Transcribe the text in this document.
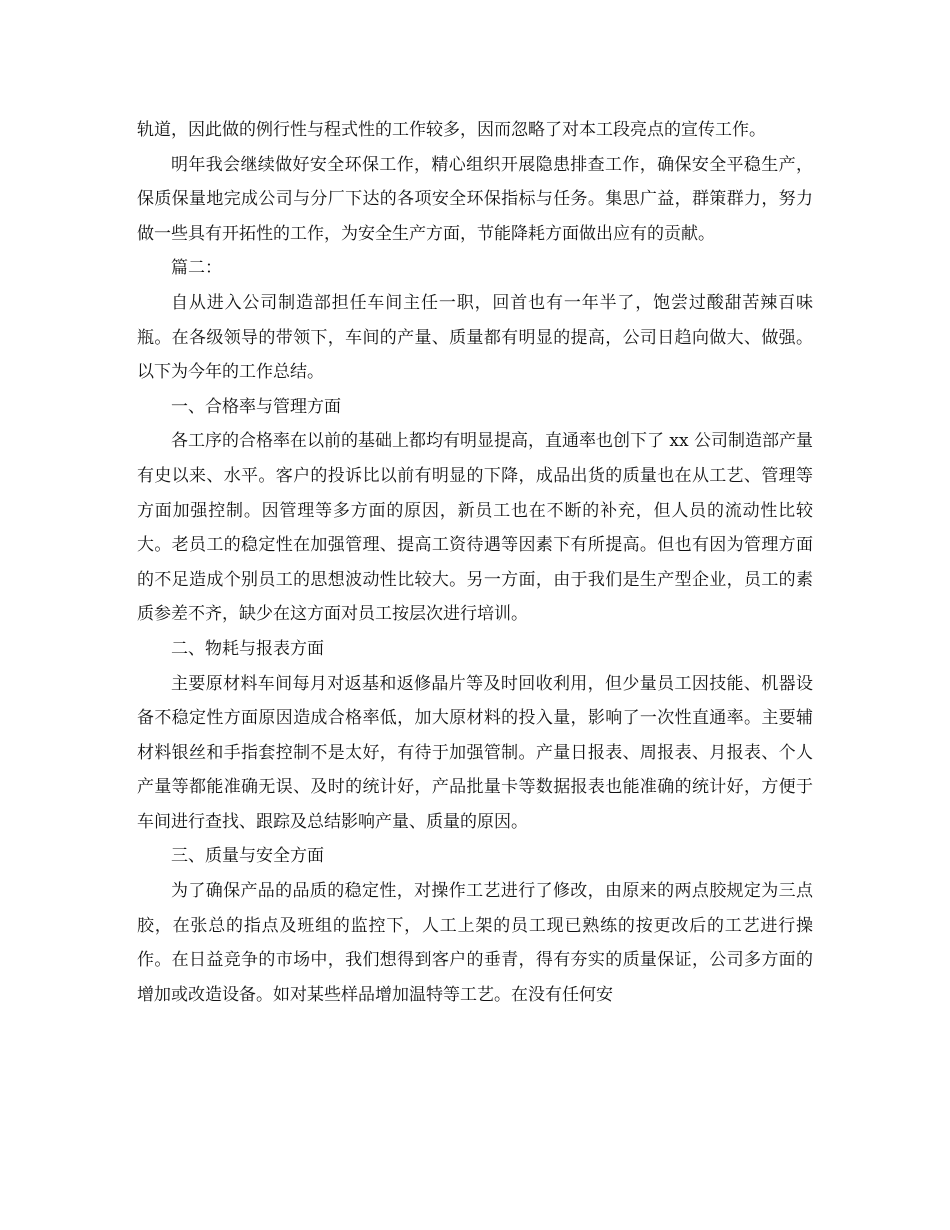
轨道，因此做的例行性与程式性的工作较多，因而忽略了对本工段亮点的宣传工作。

明年我会继续做好安全环保工作，精心组织开展隐患排查工作，确保安全平稳生产，保质保量地完成公司与分厂下达的各项安全环保指标与任务。集思广益，群策群力，努力做一些具有开拓性的工作，为安全生产方面，节能降耗方面做出应有的贡献。

篇二：

自从进入公司制造部担任车间主任一职，回首也有一年半了，饱尝过酸甜苦辣百味瓶。在各级领导的带领下，车间的产量、质量都有明显的提高，公司日趋向做大、做强。以下为今年的工作总结。

一、合格率与管理方面

各工序的合格率在以前的基础上都均有明显提高，直通率也创下了 xx 公司制造部产量有史以来、水平。客户的投诉比以前有明显的下降，成品出货的质量也在从工艺、管理等方面加强控制。因管理等多方面的原因，新员工也在不断的补充，但人员的流动性比较大。老员工的稳定性在加强管理、提高工资待遇等因素下有所提高。但也有因为管理方面的不足造成个别员工的思想波动性比较大。另一方面，由于我们是生产型企业，员工的素质参差不齐，缺少在这方面对员工按层次进行培训。

二、物耗与报表方面

主要原材料车间每月对返基和返修晶片等及时回收利用，但少量员工因技能、机器设备不稳定性方面原因造成合格率低，加大原材料的投入量，影响了一次性直通率。主要辅材料银丝和手指套控制不是太好，有待于加强管制。产量日报表、周报表、月报表、个人产量等都能准确无误、及时的统计好，产品批量卡等数据报表也能准确的统计好，方便于车间进行查找、跟踪及总结影响产量、质量的原因。

三、质量与安全方面

为了确保产品的品质的稳定性，对操作工艺进行了修改，由原来的两点胶规定为三点胶，在张总的指点及班组的监控下，人工上架的员工现已熟练的按更改后的工艺进行操作。在日益竞争的市场中，我们想得到客户的垂青，得有夯实的质量保证，公司多方面的增加或改造设备。如对某些样品增加温特等工艺。在没有任何安
